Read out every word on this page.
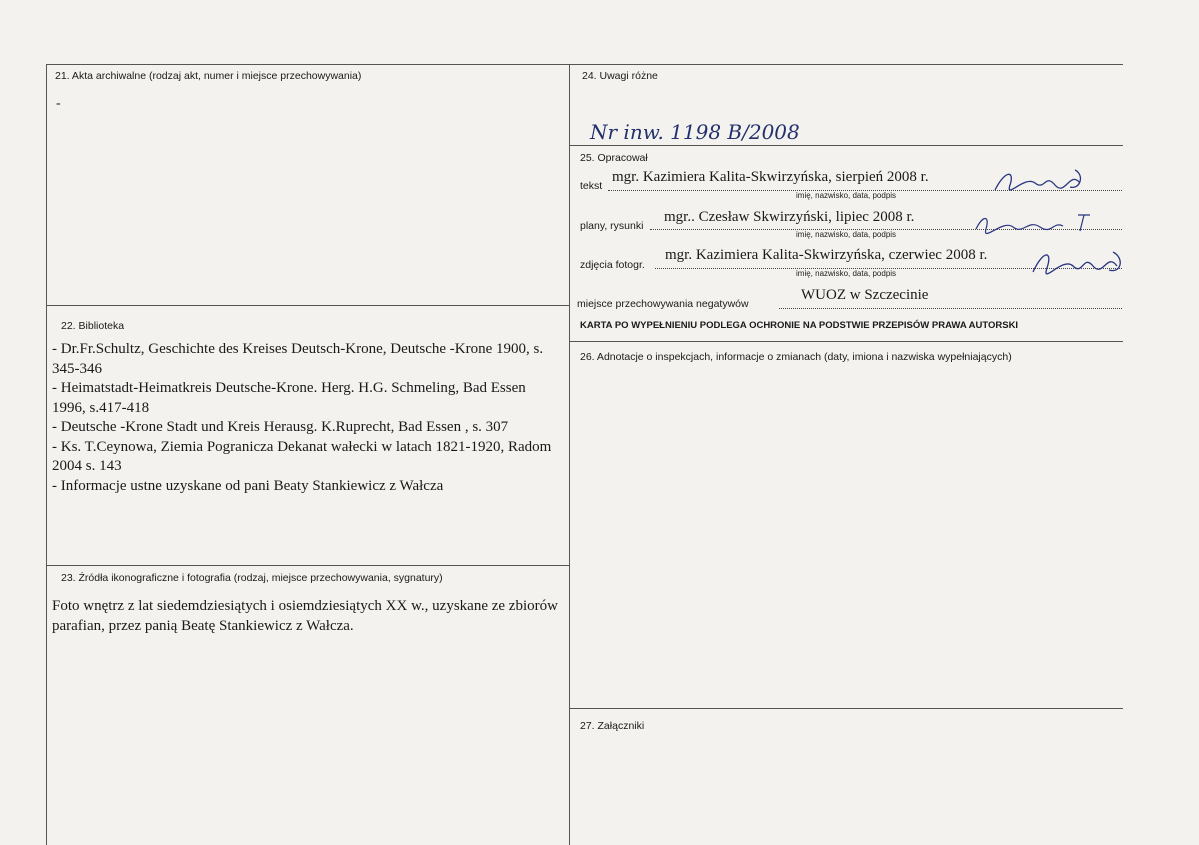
21. Akta archiwalne (rodzaj akt, numer i miejsce przechowywania)
-
22. Biblioteka

- Dr.Fr.Schultz, Geschichte des Kreises Deutsch-Krone, Deutsche -Krone 1900, s. 345-346

- Heimatstadt-Heimatkreis Deutsche-Krone. Herg. H.G. Schmeling, Bad Essen 1996, s.417-418

- Deutsche -Krone Stadt und Kreis Herausg. K.Ruprecht, Bad Essen , s. 307

- Ks. T.Ceynowa, Ziemia Pogranicza Dekanat wałecki w latach 1821-1920, Radom 2004 s. 143

- Informacje ustne uzyskane od pani Beaty Stankiewicz z Wałcza

23. Źródła ikonograficzne i fotografia (rodzaj, miejsce przechowywania, sygnatury)
Foto wnętrz z lat siedemdziesiątych i osiemdziesiątych XX w., uzyskane ze zbiorów parafian, przez panią Beatę Stankiewicz z Wałcza.
24. Uwagi różne
Nr inw. 1198 B/2008
25. Opracował
tekst
mgr. Kazimiera Kalita-Skwirzyńska, sierpień 2008 r.
imię, nazwisko, data, podpis
plany, rysunki
mgr.. Czesław Skwirzyński, lipiec 2008 r.
imię, nazwisko, data, podpis
zdjęcia fotogr.
mgr. Kazimiera Kalita-Skwirzyńska, czerwiec 2008 r.
imię, nazwisko, data, podpis
miejsce przechowywania negatywów
WUOZ w Szczecinie
KARTA PO WYPEŁNIENIU PODLEGA OCHRONIE NA PODSTWIE PRZEPISÓW PRAWA AUTORSKI
26. Adnotacje o inspekcjach, informacje o zmianach (daty, imiona i nazwiska wypełniających)
27. Załączniki
